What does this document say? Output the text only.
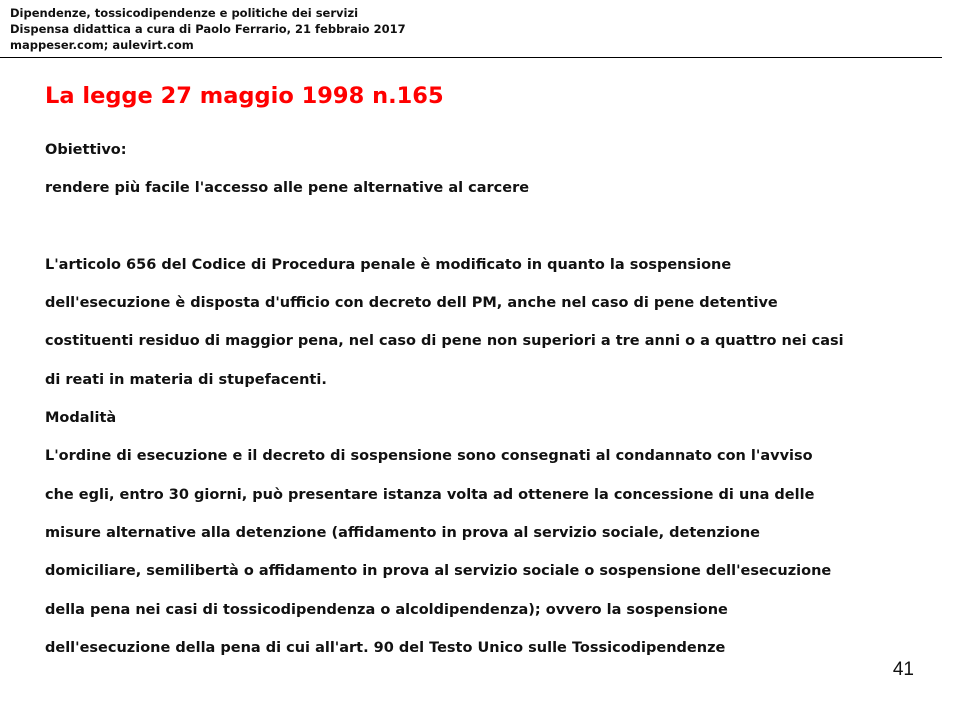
Dipendenze, tossicodipendenze e politiche dei servizi
Dispensa didattica a cura di Paolo Ferrario, 21 febbraio 2017
mappeser.com; aulevirt.com
La legge 27 maggio 1998 n.165
Obiettivo:
rendere più facile l'accesso alle pene alternative al carcere
L'articolo 656 del Codice di Procedura penale è modificato in quanto la sospensione
dell'esecuzione è disposta d'ufficio con decreto dell PM, anche nel caso di pene detentive
costituenti residuo di maggior pena, nel caso di pene non superiori a tre anni o a quattro nei casi
di reati in materia di stupefacenti.
Modalità
L'ordine di esecuzione e il decreto di sospensione sono consegnati al condannato con l'avviso
che egli, entro 30 giorni, può presentare istanza volta ad ottenere la concessione di una delle
misure alternative alla detenzione (affidamento in prova al servizio sociale, detenzione
domiciliare, semilibertà o affidamento in prova al servizio sociale o sospensione dell'esecuzione
della pena nei casi di tossicodipendenza o alcoldipendenza); ovvero la sospensione
dell'esecuzione della pena di cui all'art. 90 del Testo Unico sulle Tossicodipendenze
41
